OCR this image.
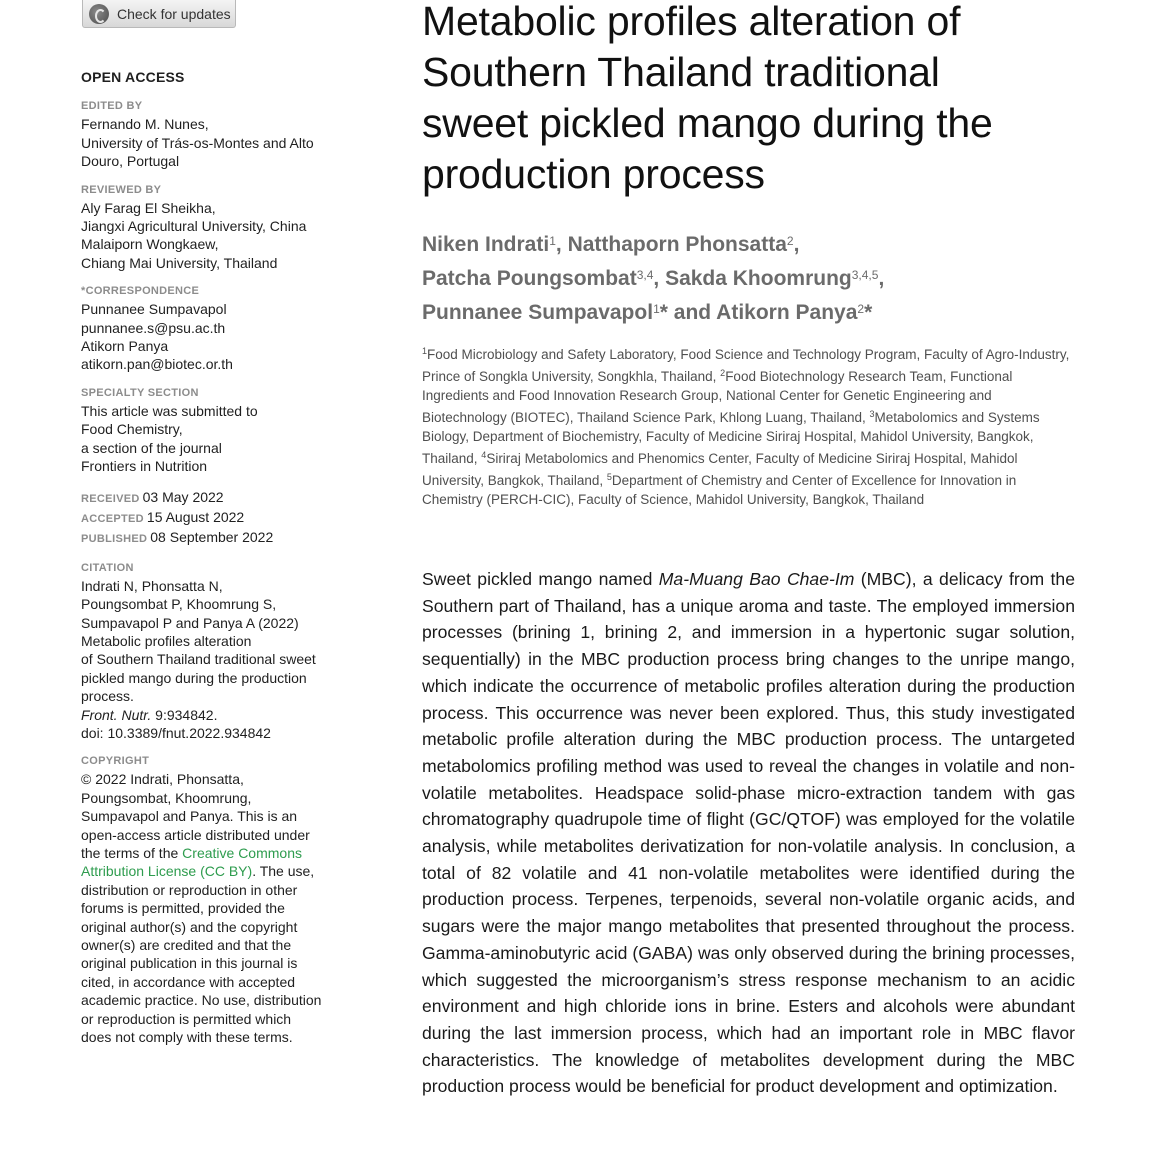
Check for updates
OPEN ACCESS
EDITED BY
Fernando M. Nunes,
University of Trás-os-Montes and Alto
Douro, Portugal
REVIEWED BY
Aly Farag El Sheikha,
Jiangxi Agricultural University, China
Malaiporn Wongkaew,
Chiang Mai University, Thailand
*CORRESPONDENCE
Punnanee Sumpavapol
punnanee.s@psu.ac.th
Atikorn Panya
atikorn.pan@biotec.or.th
SPECIALTY SECTION
This article was submitted to
Food Chemistry,
a section of the journal
Frontiers in Nutrition
RECEIVED 03 May 2022
ACCEPTED 15 August 2022
PUBLISHED 08 September 2022
CITATION
Indrati N, Phonsatta N,
Poungsombat P, Khoomrung S,
Sumpavapol P and Panya A (2022)
Metabolic profiles alteration
of Southern Thailand traditional sweet
pickled mango during the production
process.
Front. Nutr. 9:934842.
doi: 10.3389/fnut.2022.934842
COPYRIGHT
© 2022 Indrati, Phonsatta,
Poungsombat, Khoomrung,
Sumpavapol and Panya. This is an
open-access article distributed under
the terms of the Creative Commons
Attribution License (CC BY). The use,
distribution or reproduction in other
forums is permitted, provided the
original author(s) and the copyright
owner(s) are credited and that the
original publication in this journal is
cited, in accordance with accepted
academic practice. No use, distribution
or reproduction is permitted which
does not comply with these terms.
Metabolic profiles alteration of
Southern Thailand traditional
sweet pickled mango during the
production process
Niken Indrati$^1$, Natthaporn Phonsatta$^2$,
Patcha Poungsombat$^{3,4}$, Sakda Khoomrung$^{3,4,5}$,
Punnanee Sumpavapol$^1$* and Atikorn Panya$^2$*
$^1$Food Microbiology and Safety Laboratory, Food Science and Technology Program, Faculty of Agro-Industry, Prince of Songkla University, Songkhla, Thailand, $^2$Food Biotechnology Research Team, Functional Ingredients and Food Innovation Research Group, National Center for Genetic Engineering and Biotechnology (BIOTEC), Thailand Science Park, Khlong Luang, Thailand, $^3$Metabolomics and Systems Biology, Department of Biochemistry, Faculty of Medicine Siriraj Hospital, Mahidol University, Bangkok, Thailand, $^4$Siriraj Metabolomics and Phenomics Center, Faculty of Medicine Siriraj Hospital, Mahidol University, Bangkok, Thailand, $^5$Department of Chemistry and Center of Excellence for Innovation in Chemistry (PERCH-CIC), Faculty of Science, Mahidol University, Bangkok, Thailand

Sweet pickled mango named Ma-Muang Bao Chae-Im (MBC), a delicacy from the Southern part of Thailand, has a unique aroma and taste. The employed immersion processes (brining 1, brining 2, and immersion in a hypertonic sugar solution, sequentially) in the MBC production process bring changes to the unripe mango, which indicate the occurrence of metabolic profiles alteration during the production process. This occurrence was never been explored. Thus, this study investigated metabolic profile alteration during the MBC production process. The untargeted metabolomics profiling method was used to reveal the changes in volatile and non-volatile metabolites. Headspace solid-phase micro-extraction tandem with gas chromatography quadrupole time of flight (GC/QTOF) was employed for the volatile analysis, while metabolites derivatization for non-volatile analysis. In conclusion, a total of 82 volatile and 41 non-volatile metabolites were identified during the production process. Terpenes, terpenoids, several non-volatile organic acids, and sugars were the major mango metabolites that presented throughout the process. Gamma-aminobutyric acid (GABA) was only observed during the brining processes, which suggested the microorganism’s stress response mechanism to an acidic environment and high chloride ions in brine. Esters and alcohols were abundant during the last immersion process, which had an important role in MBC flavor characteristics. The knowledge of metabolites development during the MBC production process would be beneficial for product development and optimization.
